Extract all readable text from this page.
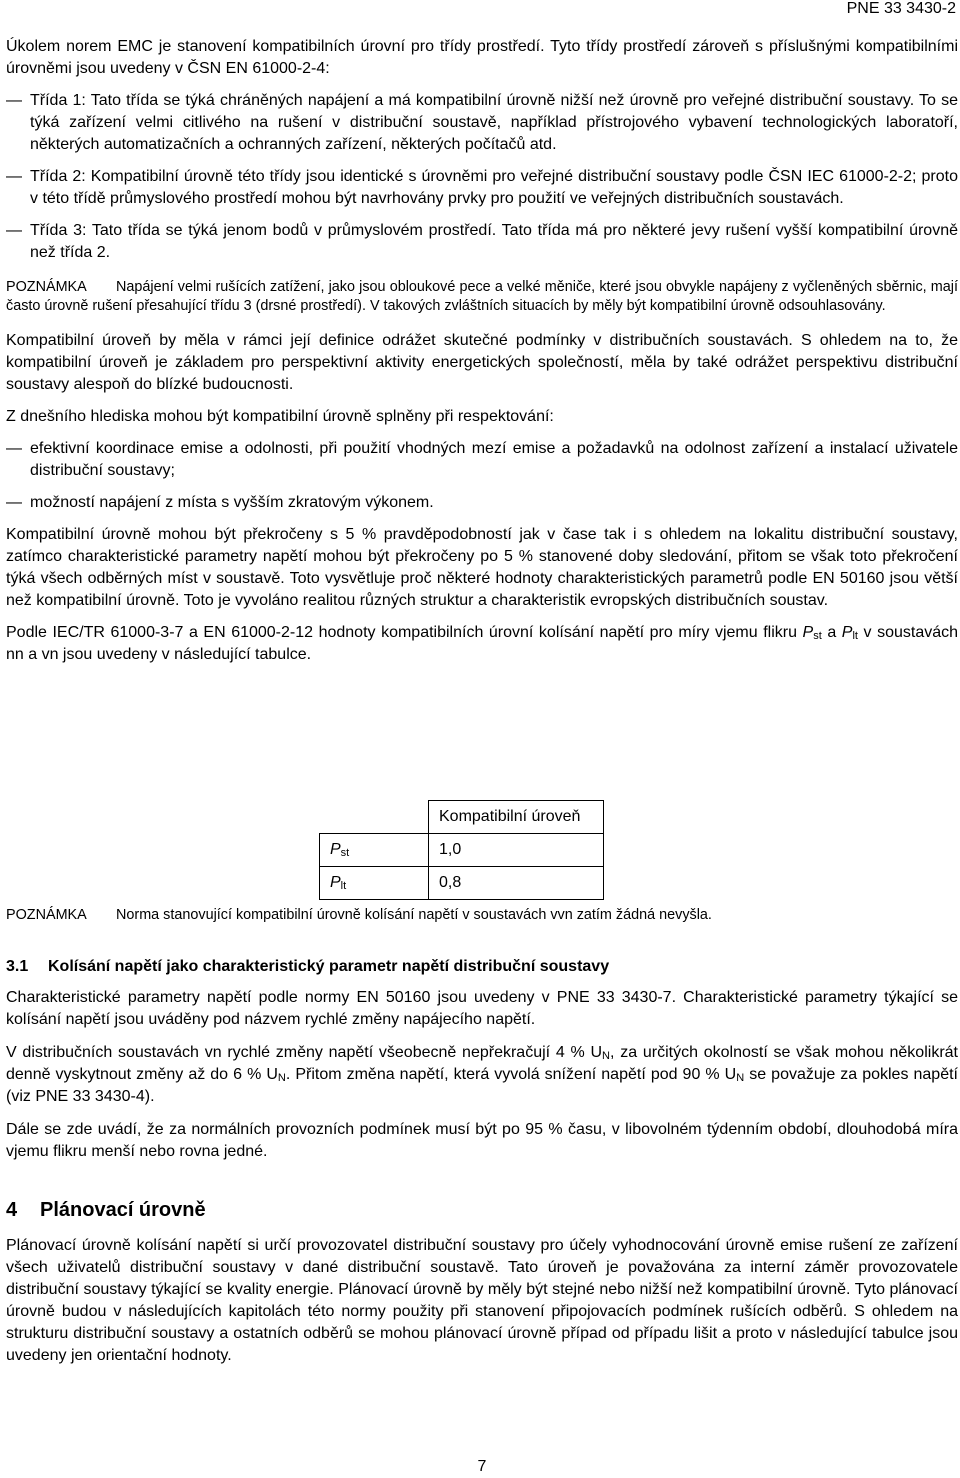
PNE 33 3430-2

Úkolem norem EMC je stanovení kompatibilních úrovní pro třídy prostředí. Tyto třídy prostředí zároveň s příslušnými kompatibilními úrovněmi jsou uvedeny v ČSN EN 61000-2-4:

— Třída 1: Tato třída se týká chráněných napájení a má kompatibilní úrovně nižší než úrovně pro veřejné distribuční soustavy. To se týká zařízení velmi citlivého na rušení v distribuční soustavě, například přístrojového vybavení technologických laboratoří, některých automatizačních a ochranných zařízení, některých počítačů atd.

— Třída 2: Kompatibilní úrovně této třídy jsou identické s úrovněmi pro veřejné distribuční soustavy podle ČSN IEC 61000-2-2; proto v této třídě průmyslového prostředí mohou být navrhovány prvky pro použití ve veřejných distribučních soustavách.

— Třída 3: Tato třída se týká jenom bodů v průmyslovém prostředí. Tato třída má pro některé jevy rušení vyšší kompatibilní úrovně než třída 2.

POZNÁMKA Napájení velmi rušících zatížení, jako jsou obloukové pece a velké měniče, které jsou obvykle napájeny z vyčleněných sběrnic, mají často úrovně rušení přesahující třídu 3 (drsné prostředí). V takových zvláštních situacích by měly být kompatibilní úrovně odsouhlasovány.

Kompatibilní úroveň by měla v rámci její definice odrážet skutečné podmínky v distribučních soustavách. S ohledem na to, že kompatibilní úroveň je základem pro perspektivní aktivity energetických společností, měla by také odrážet perspektivu distribuční soustavy alespoň do blízké budoucnosti.

Z dnešního hlediska mohou být kompatibilní úrovně splněny při respektování:

— efektivní koordinace emise a odolnosti, při použití vhodných mezí emise a požadavků na odolnost zařízení a instalací uživatele distribuční soustavy;

— možností napájení z místa s vyšším zkratovým výkonem.

Kompatibilní úrovně mohou být překročeny s 5 % pravděpodobností jak v čase tak i s ohledem na lokalitu distribuční soustavy, zatímco charakteristické parametry napětí mohou být překročeny po 5 % stanovené doby sledování, přitom se však toto překročení týká všech odběrných míst v soustavě. Toto vysvětluje proč některé hodnoty charakteristických parametrů podle EN 50160 jsou větší než kompatibilní úrovně. Toto je vyvoláno realitou různých struktur a charakteristik evropských distribučních soustav.

Podle IEC/TR 61000-3-7 a EN 61000-2-12 hodnoty kompatibilních úrovní kolísání napětí pro míry vjemu flikru $P_{st}$ a $P_{lt}$ v soustavách nn a vn jsou uvedeny v následující tabulce.

	Kompatibilní úroveň
$P_{st}$	1,0
$P_{lt}$	0,8

POZNÁMKA Norma stanovující kompatibilní úrovně kolísání napětí v soustavách vvn zatím žádná nevyšla.

3.1 Kolísání napětí jako charakteristický parametr napětí distribuční soustavy

Charakteristické parametry napětí podle normy EN 50160 jsou uvedeny v PNE 33 3430-7. Charakteristické parametry týkající se kolísání napětí jsou uváděny pod názvem rychlé změny napájecího napětí.

V distribučních soustavách vn rychlé změny napětí všeobecně nepřekračují 4 % $U_N$, za určitých okolností se však mohou několikrát denně vyskytnout změny až do 6 % $U_N$. Přitom změna napětí, která vyvolá snížení napětí pod 90 % $U_N$ se považuje za pokles napětí (viz PNE 33 3430-4).

Dále se zde uvádí, že za normálních provozních podmínek musí být po 95 % času, v libovolném týdenním období, dlouhodobá míra vjemu flikru menší nebo rovna jedné.

4 Plánovací úrovně

Plánovací úrovně kolísání napětí si určí provozovatel distribuční soustavy pro účely vyhodnocování úrovně emise rušení ze zařízení všech uživatelů distribuční soustavy v dané distribuční soustavě. Tato úroveň je považována za interní záměr provozovatele distribuční soustavy týkající se kvality energie. Plánovací úrovně by měly být stejné nebo nižší než kompatibilní úrovně. Tyto plánovací úrovně budou v následujících kapitolách této normy použity při stanovení připojovacích podmínek rušících odběrů. S ohledem na strukturu distribuční soustavy a ostatních odběrů se mohou plánovací úrovně případ od případu lišit a proto v následující tabulce jsou uvedeny jen orientační hodnoty.

7
